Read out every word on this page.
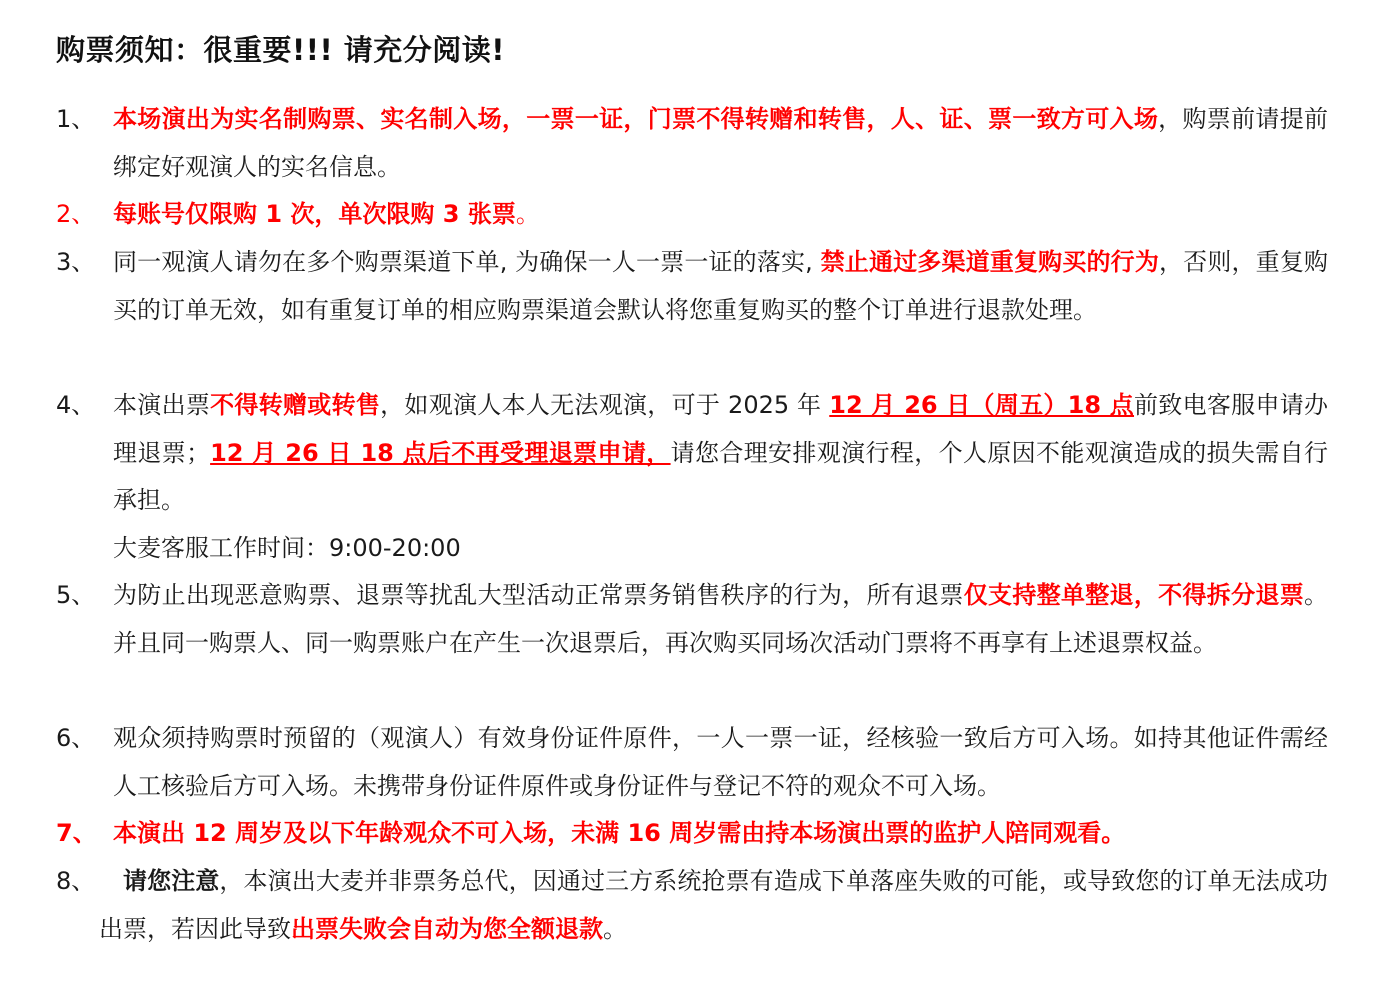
购票须知：很重要!!! 请充分阅读!
1、 本场演出为实名制购票、实名制入场，一票一证，门票不得转赠和转售，人、证、票一致方可入场，购票前请提前绑定好观演人的实名信息。
2、 每账号仅限购 1 次，单次限购 3 张票。
3、 同一观演人请勿在多个购票渠道下单, 为确保一人一票一证的落实, 禁止通过多渠道重复购买的行为，否则，重复购买的订单无效，如有重复订单的相应购票渠道会默认将您重复购买的整个订单进行退款处理。
4、 本演出票不得转赠或转售，如观演人本人无法观演，可于 2025 年 12 月 26 日（周五）18 点前致电客服申请办理退票；12 月 26 日 18 点后不再受理退票申请，请您合理安排观演行程，个人原因不能观演造成的损失需自行承担。
大麦客服工作时间：9:00-20:00
5、 为防止出现恶意购票、退票等扰乱大型活动正常票务销售秩序的行为，所有退票仅支持整单整退，不得拆分退票。并且同一购票人、同一购票账户在产生一次退票后，再次购买同场次活动门票将不再享有上述退票权益。
6、 观众须持购票时预留的（观演人）有效身份证件原件，一人一票一证，经核验一致后方可入场。如持其他证件需经人工核验后方可入场。未携带身份证件原件或身份证件与登记不符的观众不可入场。
7、 本演出 12 周岁及以下年龄观众不可入场，未满 16 周岁需由持本场演出票的监护人陪同观看。
8、	请您注意，本演出大麦并非票务总代，因通过三方系统抢票有造成下单落座失败的可能，或导致您的订单无法成功出票，若因此导致出票失败会自动为您全额退款。
